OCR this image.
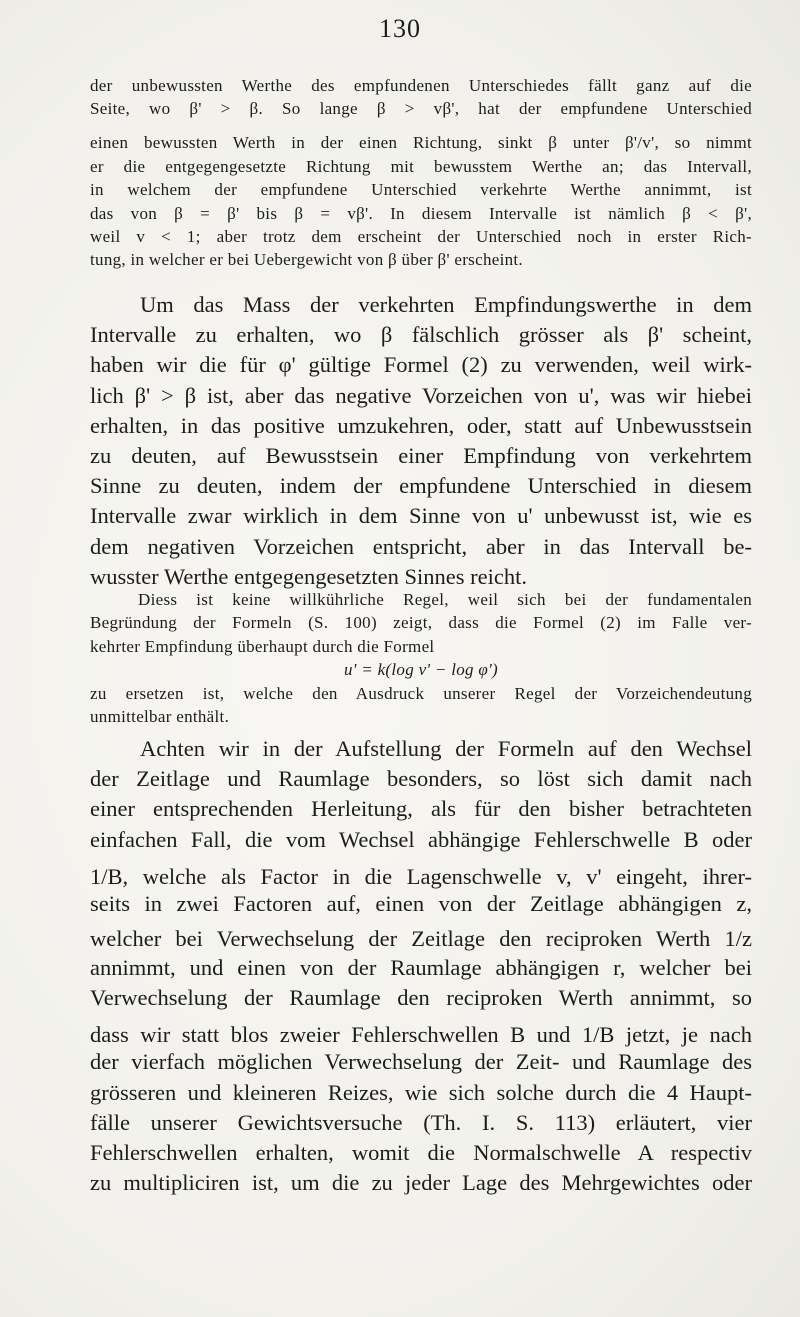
130
der unbewussten Werthe des empfundenen Unterschiedes fällt ganz auf die
Seite, wo β' > β. So lange β > vβ', hat der empfundene Unterschied
einen bewussten Werth in der einen Richtung, sinkt β unter β'/v', so nimmt
er die entgegengesetzte Richtung mit bewusstem Werthe an; das Intervall,
in welchem der empfundene Unterschied verkehrte Werthe annimmt, ist
das von β = β' bis β = vβ'. In diesem Intervalle ist nämlich β < β',
weil v < 1; aber trotz dem erscheint der Unterschied noch in erster Rich-
tung, in welcher er bei Uebergewicht von β über β' erscheint.
Um das Mass der verkehrten Empfindungswerthe in dem
Intervalle zu erhalten, wo β fälschlich grösser als β' scheint,
haben wir die für φ' gültige Formel (2) zu verwenden, weil wirk-
lich β' > β ist, aber das negative Vorzeichen von u', was wir hiebei
erhalten, in das positive umzukehren, oder, statt auf Unbewusstsein
zu deuten, auf Bewusstsein einer Empfindung von verkehrtem
Sinne zu deuten, indem der empfundene Unterschied in diesem
Intervalle zwar wirklich in dem Sinne von u' unbewusst ist, wie es
dem negativen Vorzeichen entspricht, aber in das Intervall be-
wusster Werthe entgegengesetzten Sinnes reicht.
Diess ist keine willkührliche Regel, weil sich bei der fundamentalen
Begründung der Formeln (S. 100) zeigt, dass die Formel (2) im Falle ver-
kehrter Empfindung überhaupt durch die Formel
u' = k(log v' − log φ')
zu ersetzen ist, welche den Ausdruck unserer Regel der Vorzeichendeutung
unmittelbar enthält.
Achten wir in der Aufstellung der Formeln auf den Wechsel
der Zeitlage und Raumlage besonders, so löst sich damit nach
einer entsprechenden Herleitung, als für den bisher betrachteten
einfachen Fall, die vom Wechsel abhängige Fehlerschwelle B oder
1/B, welche als Factor in die Lagenschwelle v, v' eingeht, ihrer-
seits in zwei Factoren auf, einen von der Zeitlage abhängigen z,
welcher bei Verwechselung der Zeitlage den reciproken Werth 1/z
annimmt, und einen von der Raumlage abhängigen r, welcher bei
Verwechselung der Raumlage den reciproken Werth annimmt, so
dass wir statt blos zweier Fehlerschwellen B und 1/B jetzt, je nach
der vierfach möglichen Verwechselung der Zeit- und Raumlage des
grösseren und kleineren Reizes, wie sich solche durch die 4 Haupt-
fälle unserer Gewichtsversuche (Th. I. S. 113) erläutert, vier
Fehlerschwellen erhalten, womit die Normalschwelle A respectiv
zu multipliciren ist, um die zu jeder Lage des Mehrgewichtes oder
